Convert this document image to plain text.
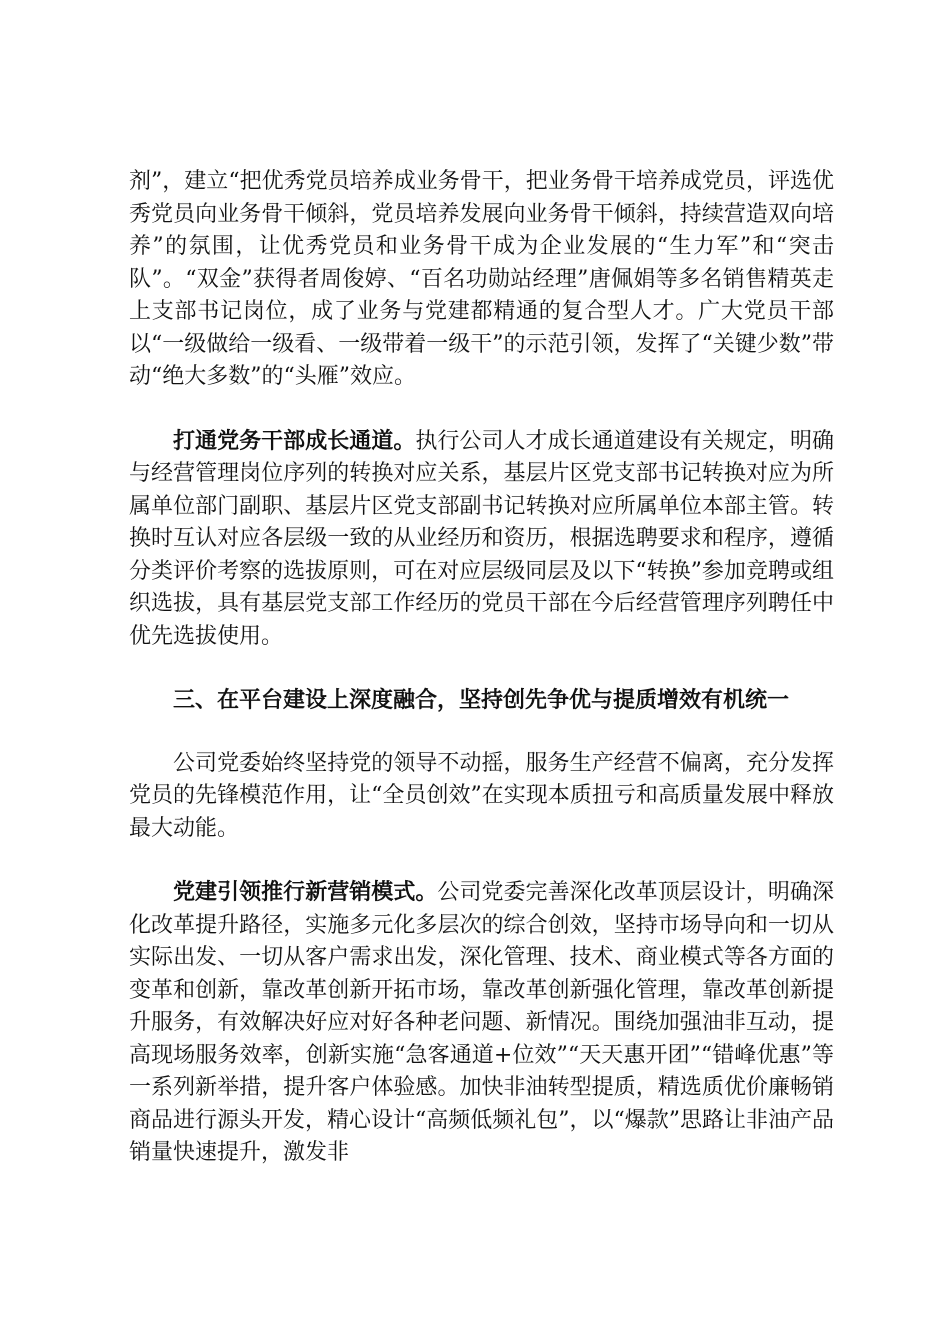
剂”，建立“把优秀党员培养成业务骨干，把业务骨干培养成党员，评选优秀党员向业务骨干倾斜，党员培养发展向业务骨干倾斜，持续营造双向培养”的氛围，让优秀党员和业务骨干成为企业发展的“生力军”和“突击队”。“双金”获得者周俊婷、“百名功勋站经理”唐佩娟等多名销售精英走上支部书记岗位，成了业务与党建都精通的复合型人才。广大党员干部以“一级做给一级看、一级带着一级干”的示范引领，发挥了“关键少数”带动“绝大多数”的“头雁”效应。

打通党务干部成长通道。执行公司人才成长通道建设有关规定，明确与经营管理岗位序列的转换对应关系，基层片区党支部书记转换对应为所属单位部门副职、基层片区党支部副书记转换对应所属单位本部主管。转换时互认对应各层级一致的从业经历和资历，根据选聘要求和程序，遵循分类评价考察的选拔原则，可在对应层级同层及以下“转换”参加竞聘或组织选拔，具有基层党支部工作经历的党员干部在今后经营管理序列聘任中优先选拔使用。

三、在平台建设上深度融合，坚持创先争优与提质增效有机统一

公司党委始终坚持党的领导不动摇，服务生产经营不偏离，充分发挥党员的先锋模范作用，让“全员创效”在实现本质扭亏和高质量发展中释放最大动能。

党建引领推行新营销模式。公司党委完善深化改革顶层设计，明确深化改革提升路径，实施多元化多层次的综合创效，坚持市场导向和一切从实际出发、一切从客户需求出发，深化管理、技术、商业模式等各方面的变革和创新，靠改革创新开拓市场，靠改革创新强化管理，靠改革创新提升服务，有效解决好应对好各种老问题、新情况。围绕加强油非互动，提高现场服务效率，创新实施“急客通道+位效”“天天惠开团”“错峰优惠”等一系列新举措，提升客户体验感。加快非油转型提质，精选质优价廉畅销商品进行源头开发，精心设计“高频低频礼包”，以“爆款”思路让非油产品销量快速提升，激发非
